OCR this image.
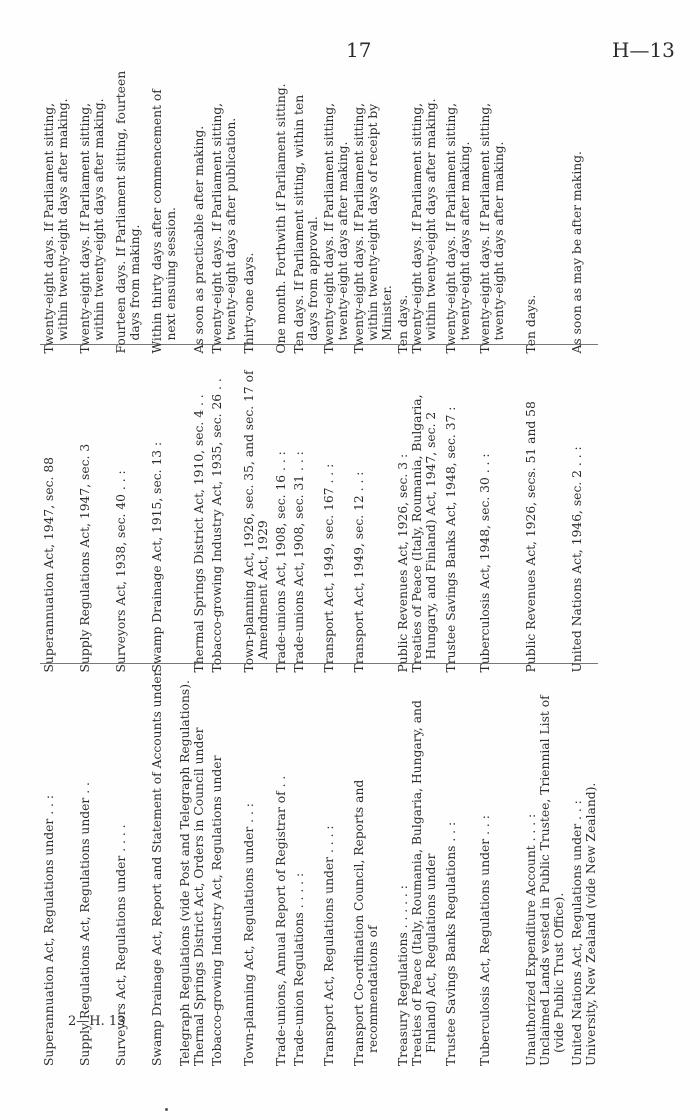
17	H—13
Superannuation Act, Regulations under . . :	Superannuation Act, 1947, sec. 88	Twenty-eight days. If Parliament sitting, within twenty-eight days after making.
Supply Regulations Act, Regulations under . .	Supply Regulations Act, 1947, sec. 3	Twenty-eight days. If Parliament sitting, within twenty-eight days after making.
Surveyors Act, Regulations under . . . .	Surveyors Act, 1938, sec. 40 . . :	Fourteen days. If Parliament sitting, fourteen days from making.
Swamp Drainage Act, Report and Statement of Accounts under	Swamp Drainage Act, 1915, sec. 13 :	Within thirty days after commencement of next ensuing session.
Telegraph Regulations (vide Post and Telegraph Regulations).		
Thermal Springs District Act, Orders in Council under	Thermal Springs District Act, 1910, sec. 4 . .	As soon as practicable after making.
Tobacco-growing Industry Act, Regulations under	Tobacco-growing Industry Act, 1935, sec. 26 . .	Twenty-eight days. If Parliament sitting, twenty-eight days after publication.
Town-planning Act, Regulations under . . :	Town-planning Act, 1926, sec. 35, and sec. 17 of Amendment Act, 1929	Thirty-one days.
Trade-unions, Annual Report of Registrar of . .	Trade-unions Act, 1908, sec. 16 . . :	One month. Forthwith if Parliament sitting.
Trade-union Regulations . . . . :	Trade-unions Act, 1908, sec. 31 . . :	Ten days. If Parliament sitting, within ten days from approval.
Transport Act, Regulations under . . . :	Transport Act, 1949, sec. 167 . . :	Twenty-eight days. If Parliament sitting, twenty-eight days after making.
Transport Co-ordination Council, Reports and recommendations of	Transport Act, 1949, sec. 12 . . :	Twenty-eight days. If Parliament sitting, within twenty-eight days of receipt by Minister.
Treasury Regulations . . . . . :	Public Revenues Act, 1926, sec. 3 :	Ten days.
Treaties of Peace (Italy, Roumania, Bulgaria, Hungary, and Finland) Act, Regulations under	Treaties of Peace (Italy, Roumania, Bulgaria, Hungary, and Finland) Act, 1947, sec. 2	Twenty-eight days. If Parliament sitting, within twenty-eight days after making.
Trustee Savings Banks Regulations . . :	Trustee Savings Banks Act, 1948, sec. 37 :	Twenty-eight days. If Parliament sitting, twenty-eight days after making.
Tuberculosis Act, Regulations under . . :	Tuberculosis Act, 1948, sec. 30 . . :	Twenty-eight days. If Parliament sitting, twenty-eight days after making.
Unauthorized Expenditure Account . . . :	Public Revenues Act, 1926, secs. 51 and 58	Ten days.
Unclaimed Lands vested in Public Trustee, Triennial List of (vide Public Trust Office).		
United Nations Act, Regulations under . . :	United Nations Act, 1946, sec. 2 . . :	As soon as may be after making.
University, New Zealand (vide New Zealand).		
2—H. 13
